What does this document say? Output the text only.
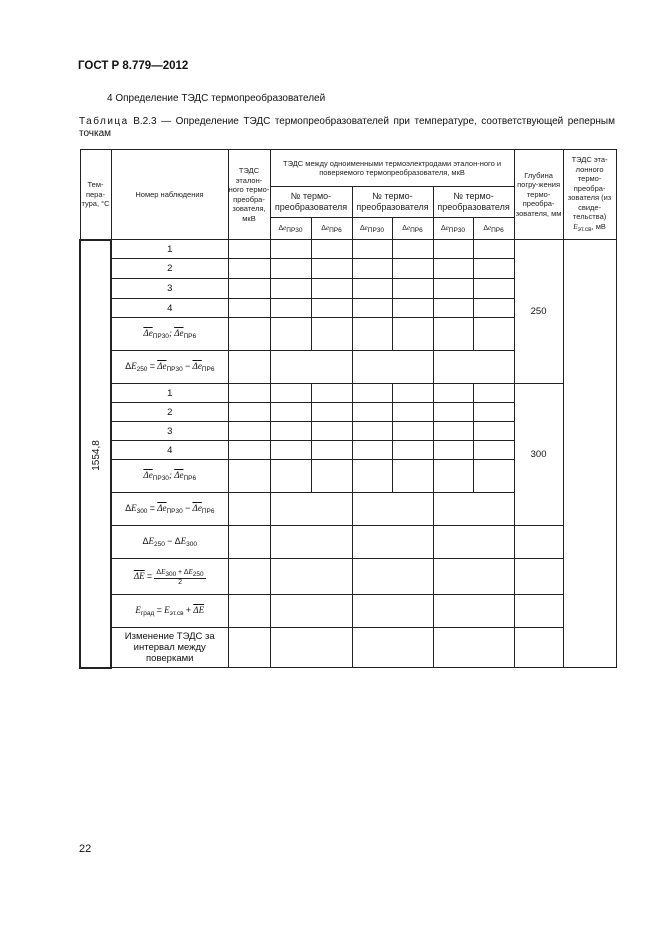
ГОСТ Р 8.779—2012
4 Определение ТЭДС термопреобразователей
Таблица В.2.3 — Определение ТЭДС термопреобразователей при температуре, соответствующей реперным точкам
Тем-пера-тура, °С	Номер наблюдения	ТЭДС эталон-ного термо-преобра-зователя, мкВ	ТЭДС между одноименными термоэлектродами эталон-ного и поверяемого термопреобразователя, мкВ						Глубина погру-жения термо-преобра-зователя, мм	ТЭДС эта-лонного термо-преобра-зователя (из свиде-тельства) Eэт.св, мВ
			№ термо-преобразователя		№ термо-преобразователя		№ термо-преобразователя			
			ΔeПР30	ΔeПР6	ΔeПР30	ΔeПР6	ΔeПР30	ΔeПР6		
1554,8	1								250	
	2									
	3									
	4									
	$\Delta e_{ПР30}$; $\Delta e_{ПР6}$							
	$\Delta E_{250} = \Delta e_{ПР30} - \Delta e_{ПР6}$				
	1								300	
	2									
	3									
	4									
	$\Delta e_{ПР30}$; $\Delta e_{ПР6}$							
	$\Delta E_{300} = \Delta e_{ПР30} - \Delta e_{ПР6}$				
	$\Delta E_{250} - \Delta E_{300}$					
	$\Delta E = \frac{\Delta E300 + \Delta E250}{2}$

	$E_{град} = E_{эт.св} + \Delta E$									
	Изменение ТЭДС за интервал между поверками									
22
